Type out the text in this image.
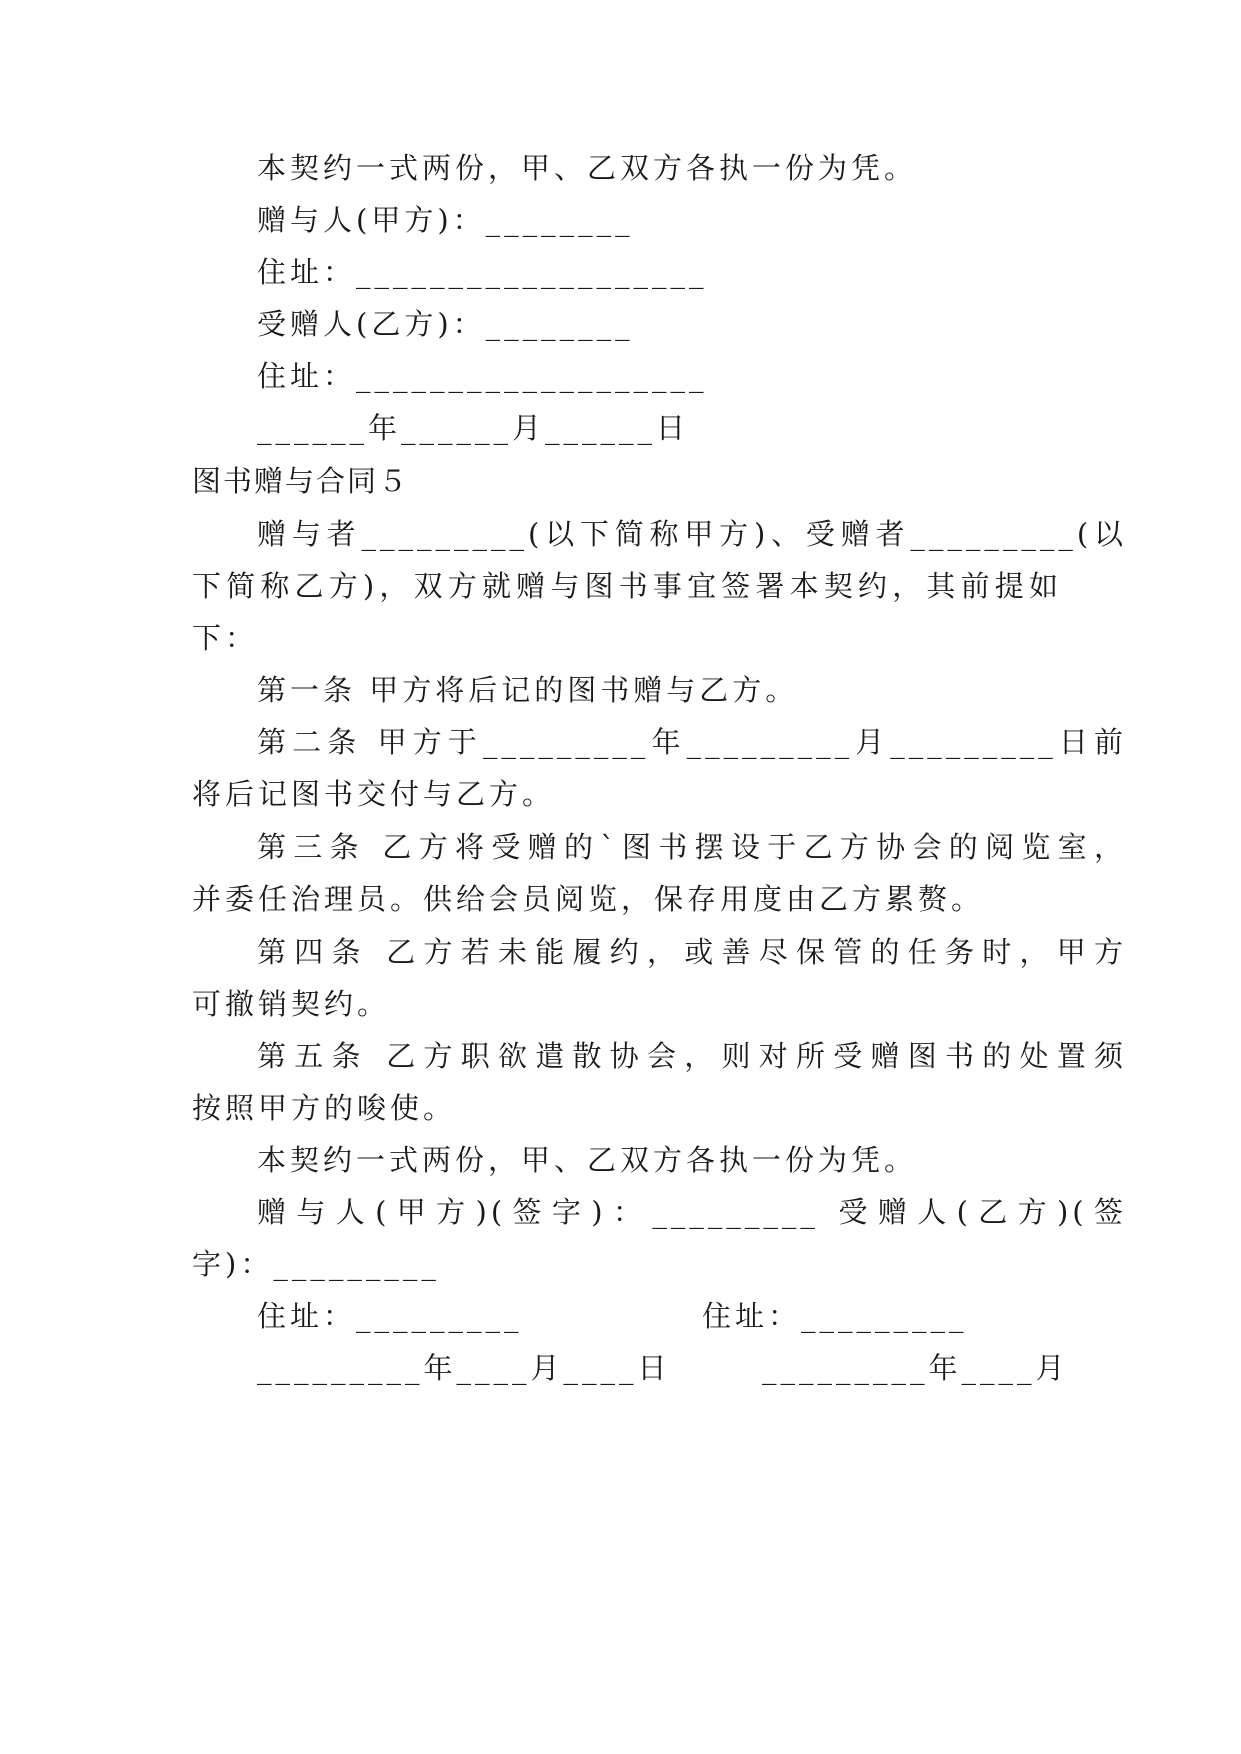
本契约一式两份，甲、乙双方各执一份为凭。
赠与人(甲方)：________
住址：___________________
受赠人(乙方)：________
住址：___________________
______年______月______日
图书赠与合同５
赠与者_________(以下简称甲方)、受赠者_________(以
下简称乙方)，双方就赠与图书事宜签署本契约，其前提如
下：
第一条 甲方将后记的图书赠与乙方。
第二条 甲方于_________年_________月_________日前
将后记图书交付与乙方。
第三条 乙方将受赠的`图书摆设于乙方协会的阅览室，
并委任治理员。供给会员阅览，保存用度由乙方累赘。
第四条 乙方若未能履约，或善尽保管的任务时，甲方
可撤销契约。
第五条 乙方职欲遣散协会，则对所受赠图书的处置须
按照甲方的唆使。
本契约一式两份，甲、乙双方各执一份为凭。
赠与人(甲方)(签字)：_________ 受赠人(乙方)(签
字)：_________
住址：_________	住址：_________
_________年____月____日	_________年____月
